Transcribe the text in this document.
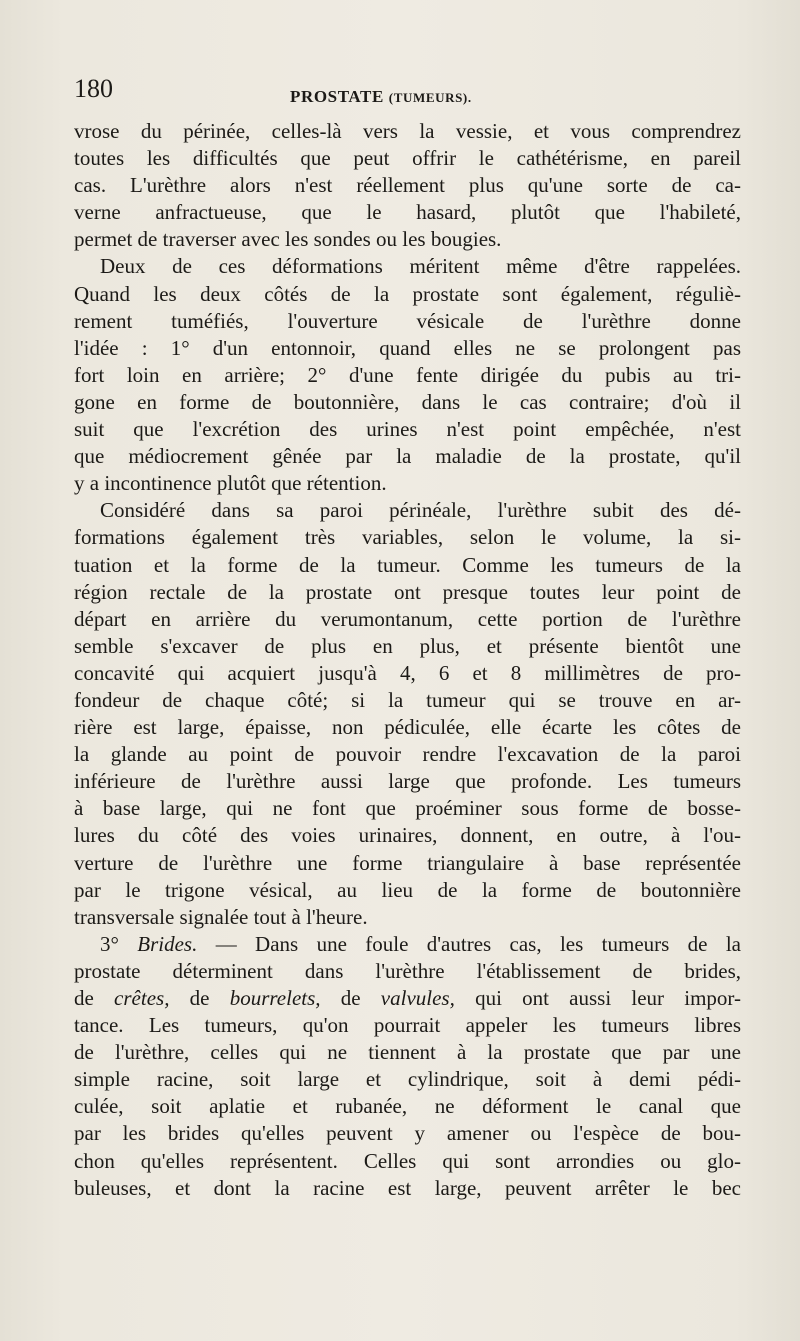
180	PROSTATE (TUMEURS).
vrose du périnée, celles-là vers la vessie, et vous comprendrez
toutes les difficultés que peut offrir le cathétérisme, en pareil
cas. L'urèthre alors n'est réellement plus qu'une sorte de ca-
verne anfractueuse, que le hasard, plutôt que l'habileté,
permet de traverser avec les sondes ou les bougies.
Deux de ces déformations méritent même d'être rappelées.
Quand les deux côtés de la prostate sont également, réguliè-
rement tuméfiés, l'ouverture vésicale de l'urèthre donne
l'idée : 1° d'un entonnoir, quand elles ne se prolongent pas
fort loin en arrière; 2° d'une fente dirigée du pubis au tri-
gone en forme de boutonnière, dans le cas contraire; d'où il
suit que l'excrétion des urines n'est point empêchée, n'est
que médiocrement gênée par la maladie de la prostate, qu'il
y a incontinence plutôt que rétention.
Considéré dans sa paroi périnéale, l'urèthre subit des dé-
formations également très variables, selon le volume, la si-
tuation et la forme de la tumeur. Comme les tumeurs de la
région rectale de la prostate ont presque toutes leur point de
départ en arrière du verumontanum, cette portion de l'urèthre
semble s'excaver de plus en plus, et présente bientôt une
concavité qui acquiert jusqu'à 4, 6 et 8 millimètres de pro-
fondeur de chaque côté; si la tumeur qui se trouve en ar-
rière est large, épaisse, non pédiculée, elle écarte les côtes de
la glande au point de pouvoir rendre l'excavation de la paroi
inférieure de l'urèthre aussi large que profonde. Les tumeurs
à base large, qui ne font que proéminer sous forme de bosse-
lures du côté des voies urinaires, donnent, en outre, à l'ou-
verture de l'urèthre une forme triangulaire à base représentée
par le trigone vésical, au lieu de la forme de boutonnière
transversale signalée tout à l'heure.
3° Brides. — Dans une foule d'autres cas, les tumeurs de la
prostate déterminent dans l'urèthre l'établissement de brides,
de crêtes, de bourrelets, de valvules, qui ont aussi leur impor-
tance. Les tumeurs, qu'on pourrait appeler les tumeurs libres
de l'urèthre, celles qui ne tiennent à la prostate que par une
simple racine, soit large et cylindrique, soit à demi pédi-
culée, soit aplatie et rubanée, ne déforment le canal que
par les brides qu'elles peuvent y amener ou l'espèce de bou-
chon qu'elles représentent. Celles qui sont arrondies ou glo-
buleuses, et dont la racine est large, peuvent arrêter le bec
